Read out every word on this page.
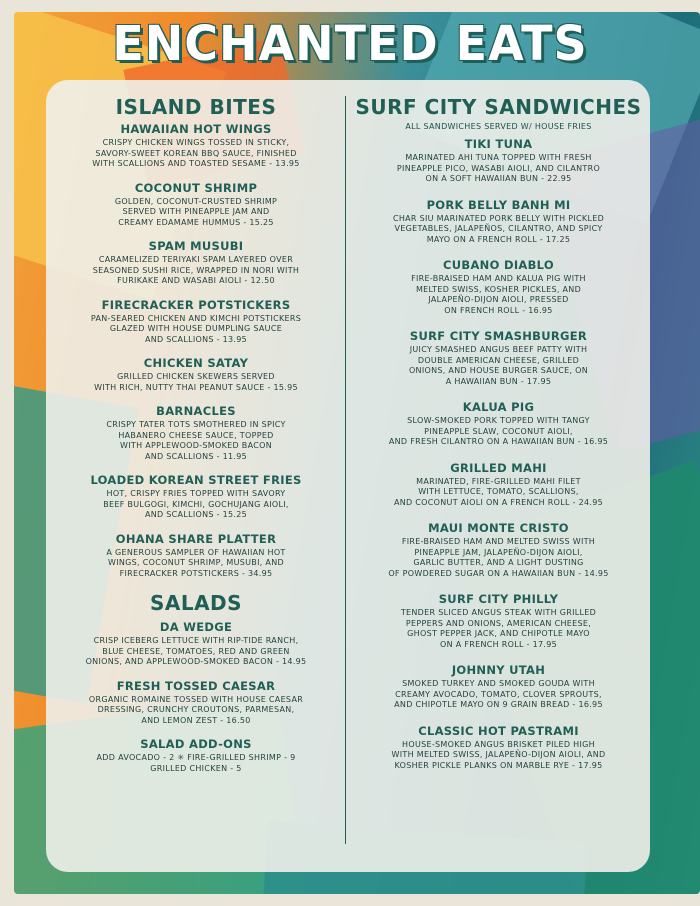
ENCHANTED EATS
ISLAND BITES
HAWAIIAN HOT WINGS
CRISPY CHICKEN WINGS TOSSED IN STICKY,
SAVORY-SWEET KOREAN BBQ SAUCE, FINISHED
WITH SCALLIONS AND TOASTED SESAME - 13.95
COCONUT SHRIMP
GOLDEN, COCONUT-CRUSTED SHRIMP
SERVED WITH PINEAPPLE JAM AND
CREAMY EDAMAME HUMMUS - 15.25
SPAM MUSUBI
CARAMELIZED TERIYAKI SPAM LAYERED OVER
SEASONED SUSHI RICE, WRAPPED IN NORI WITH
FURIKAKE AND WASABI AIOLI - 12.50
FIRECRACKER POTSTICKERS
PAN-SEARED CHICKEN AND KIMCHI POTSTICKERS
GLAZED WITH HOUSE DUMPLING SAUCE
AND SCALLIONS - 13.95
CHICKEN SATAY
GRILLED CHICKEN SKEWERS SERVED
WITH RICH, NUTTY THAI PEANUT SAUCE - 15.95
BARNACLES
CRISPY TATER TOTS SMOTHERED IN SPICY
HABANERO CHEESE SAUCE, TOPPED
WITH APPLEWOOD-SMOKED BACON
AND SCALLIONS - 11.95
LOADED KOREAN STREET FRIES
HOT, CRISPY FRIES TOPPED WITH SAVORY
BEEF BULGOGI, KIMCHI, GOCHUJANG AIOLI,
AND SCALLIONS - 15.25
OHANA SHARE PLATTER
A GENEROUS SAMPLER OF HAWAIIAN HOT
WINGS, COCONUT SHRIMP, MUSUBI, AND
FIRECRACKER POTSTICKERS - 34.95
SALADS
DA WEDGE
CRISP ICEBERG LETTUCE WITH RIP-TIDE RANCH,
BLUE CHEESE, TOMATOES, RED AND GREEN
ONIONS, AND APPLEWOOD-SMOKED BACON - 14.95
FRESH TOSSED CAESAR
ORGANIC ROMAINE TOSSED WITH HOUSE CAESAR
DRESSING, CRUNCHY CROUTONS, PARMESAN,
AND LEMON ZEST - 16.50
SALAD ADD-ONS
ADD AVOCADO - 2 ✳ FIRE-GRILLED SHRIMP - 9
GRILLED CHICKEN - 5
SURF CITY SANDWICHES
ALL SANDWICHES SERVED W/ HOUSE FRIES
TIKI TUNA
MARINATED AHI TUNA TOPPED WITH FRESH
PINEAPPLE PICO, WASABI AIOLI, AND CILANTRO
ON A SOFT HAWAIIAN BUN - 22.95
PORK BELLY BANH MI
CHAR SIU MARINATED PORK BELLY WITH PICKLED
VEGETABLES, JALAPEÑOS, CILANTRO, AND SPICY
MAYO ON A FRENCH ROLL - 17.25
CUBANO DIABLO
FIRE-BRAISED HAM AND KALUA PIG WITH
MELTED SWISS, KOSHER PICKLES, AND
JALAPEÑO-DIJON AIOLI, PRESSED
ON FRENCH ROLL - 16.95
SURF CITY SMASHBURGER
JUICY SMASHED ANGUS BEEF PATTY WITH
DOUBLE AMERICAN CHEESE, GRILLED
ONIONS, AND HOUSE BURGER SAUCE, ON
A HAWAIIAN BUN - 17.95
KALUA PIG
SLOW-SMOKED PORK TOPPED WITH TANGY
PINEAPPLE SLAW, COCONUT AIOLI,
AND FRESH CILANTRO ON A HAWAIIAN BUN - 16.95
GRILLED MAHI
MARINATED, FIRE-GRILLED MAHI FILET
WITH LETTUCE, TOMATO, SCALLIONS,
AND COCONUT AIOLI ON A FRENCH ROLL - 24.95
MAUI MONTE CRISTO
FIRE-BRAISED HAM AND MELTED SWISS WITH
PINEAPPLE JAM, JALAPEÑO-DIJON AIOLI,
GARLIC BUTTER, AND A LIGHT DUSTING
OF POWDERED SUGAR ON A HAWAIIAN BUN - 14.95
SURF CITY PHILLY
TENDER SLICED ANGUS STEAK WITH GRILLED
PEPPERS AND ONIONS, AMERICAN CHEESE,
GHOST PEPPER JACK, AND CHIPOTLE MAYO
ON A FRENCH ROLL - 17.95
JOHNNY UTAH
SMOKED TURKEY AND SMOKED GOUDA WITH
CREAMY AVOCADO, TOMATO, CLOVER SPROUTS,
AND CHIPOTLE MAYO ON 9 GRAIN BREAD - 16.95
CLASSIC HOT PASTRAMI
HOUSE-SMOKED ANGUS BRISKET PILED HIGH
WITH MELTED SWISS, JALAPEÑO-DIJON AIOLI, AND
KOSHER PICKLE PLANKS ON MARBLE RYE - 17.95
